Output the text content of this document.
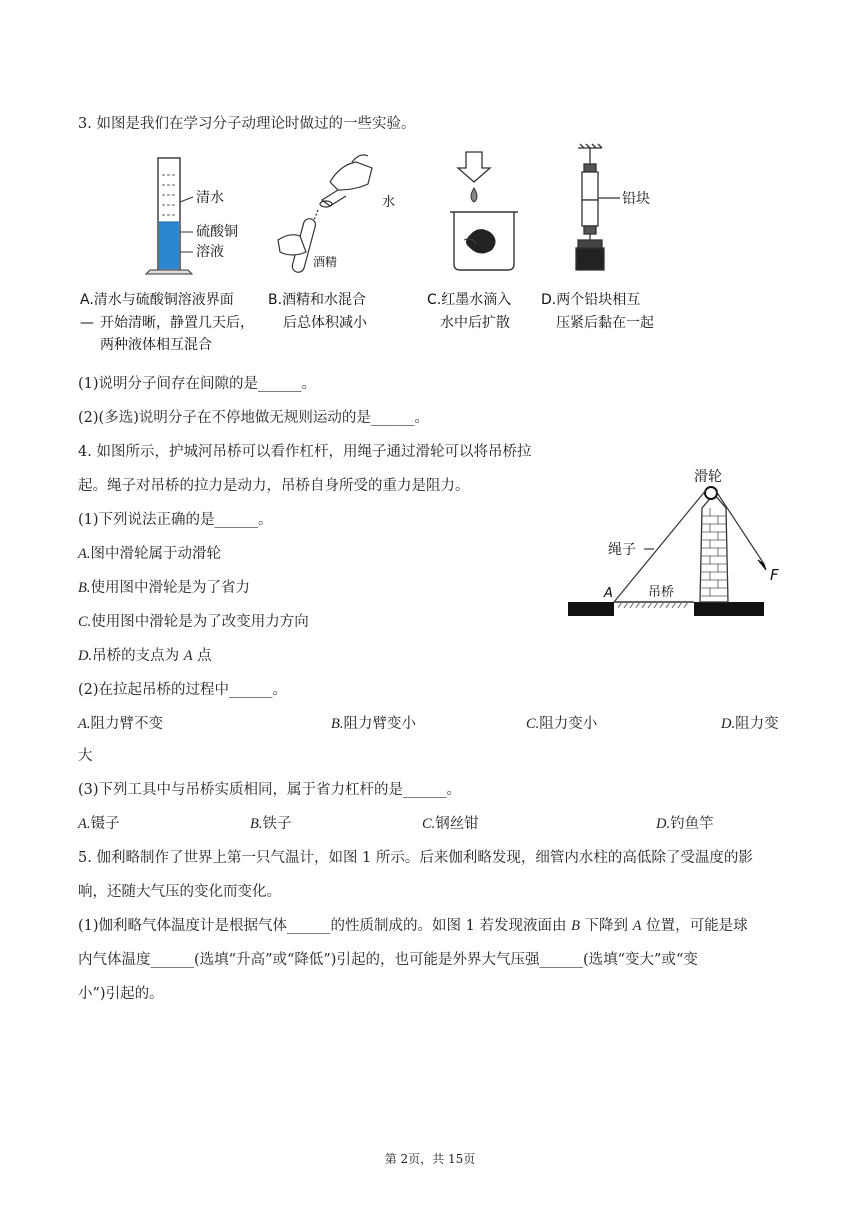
3. 如图是我们在学习分子动理论时做过的一些实验。
清水
硫酸铜
溶液
水
酒精
铅块
A.清水与硫酸铜溶液界面
— 开始清晰，静置几天后，
两种液体相互混合
B.酒精和水混合
后总体积减小
C.红墨水滴入
水中后扩散
D.两个铅块相互
压紧后黏在一起
(1)说明分子间存在间隙的是______。
(2)(多选)说明分子在不停地做无规则运动的是______。
4. 如图所示，护城河吊桥可以看作杠杆，用绳子通过滑轮可以将吊桥拉
起。绳子对吊桥的拉力是动力，吊桥自身所受的重力是阻力。
(1)下列说法正确的是______。
A.图中滑轮属于动滑轮
B.使用图中滑轮是为了省力
C.使用图中滑轮是为了改变用力方向
D.吊桥的支点为 A 点
滑轮
绳子
吊桥
A
F
(2)在拉起吊桥的过程中______。
A.阻力臂不变	B.阻力臂变小	C.阻力变小	D.阻力变
大
(3)下列工具中与吊桥实质相同，属于省力杠杆的是______。
A.镊子	B.铁子	C.钢丝钳	D.钓鱼竿
5. 伽利略制作了世界上第一只气温计，如图 1 所示。后来伽利略发现，细管内水柱的高低除了受温度的影
响，还随大气压的变化而变化。
(1)伽利略气体温度计是根据气体______的性质制成的。如图 1 若发现液面由 B 下降到 A 位置，可能是球
内气体温度______(选填“升高”或“降低”)引起的，也可能是外界大气压强______(选填“变大”或“变
小”)引起的。
第 2页，共 15页
